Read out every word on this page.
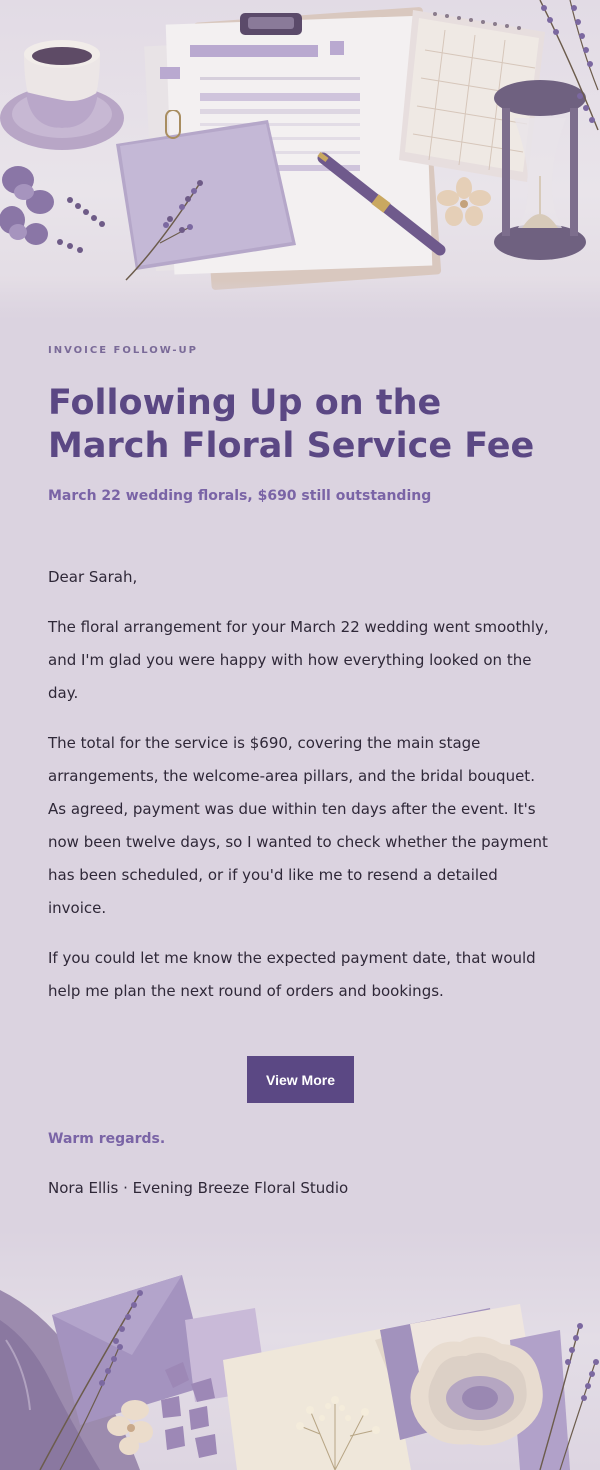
INVOICE FOLLOW-UP

Following Up on the March Floral Service Fee

March 22 wedding florals, $690 still outstanding

Dear Sarah,

The floral arrangement for your March 22 wedding went smoothly, and I'm glad you were happy with how everything looked on the day.

The total for the service is $690, covering the main stage arrangements, the welcome-area pillars, and the bridal bouquet. As agreed, payment was due within ten days after the event. It's now been twelve days, so I wanted to check whether the payment has been scheduled, or if you'd like me to resend a detailed invoice.

If you could let me know the expected payment date, that would help me plan the next round of orders and bookings.

View More

Warm regards.

Nora Ellis · Evening Breeze Floral Studio
